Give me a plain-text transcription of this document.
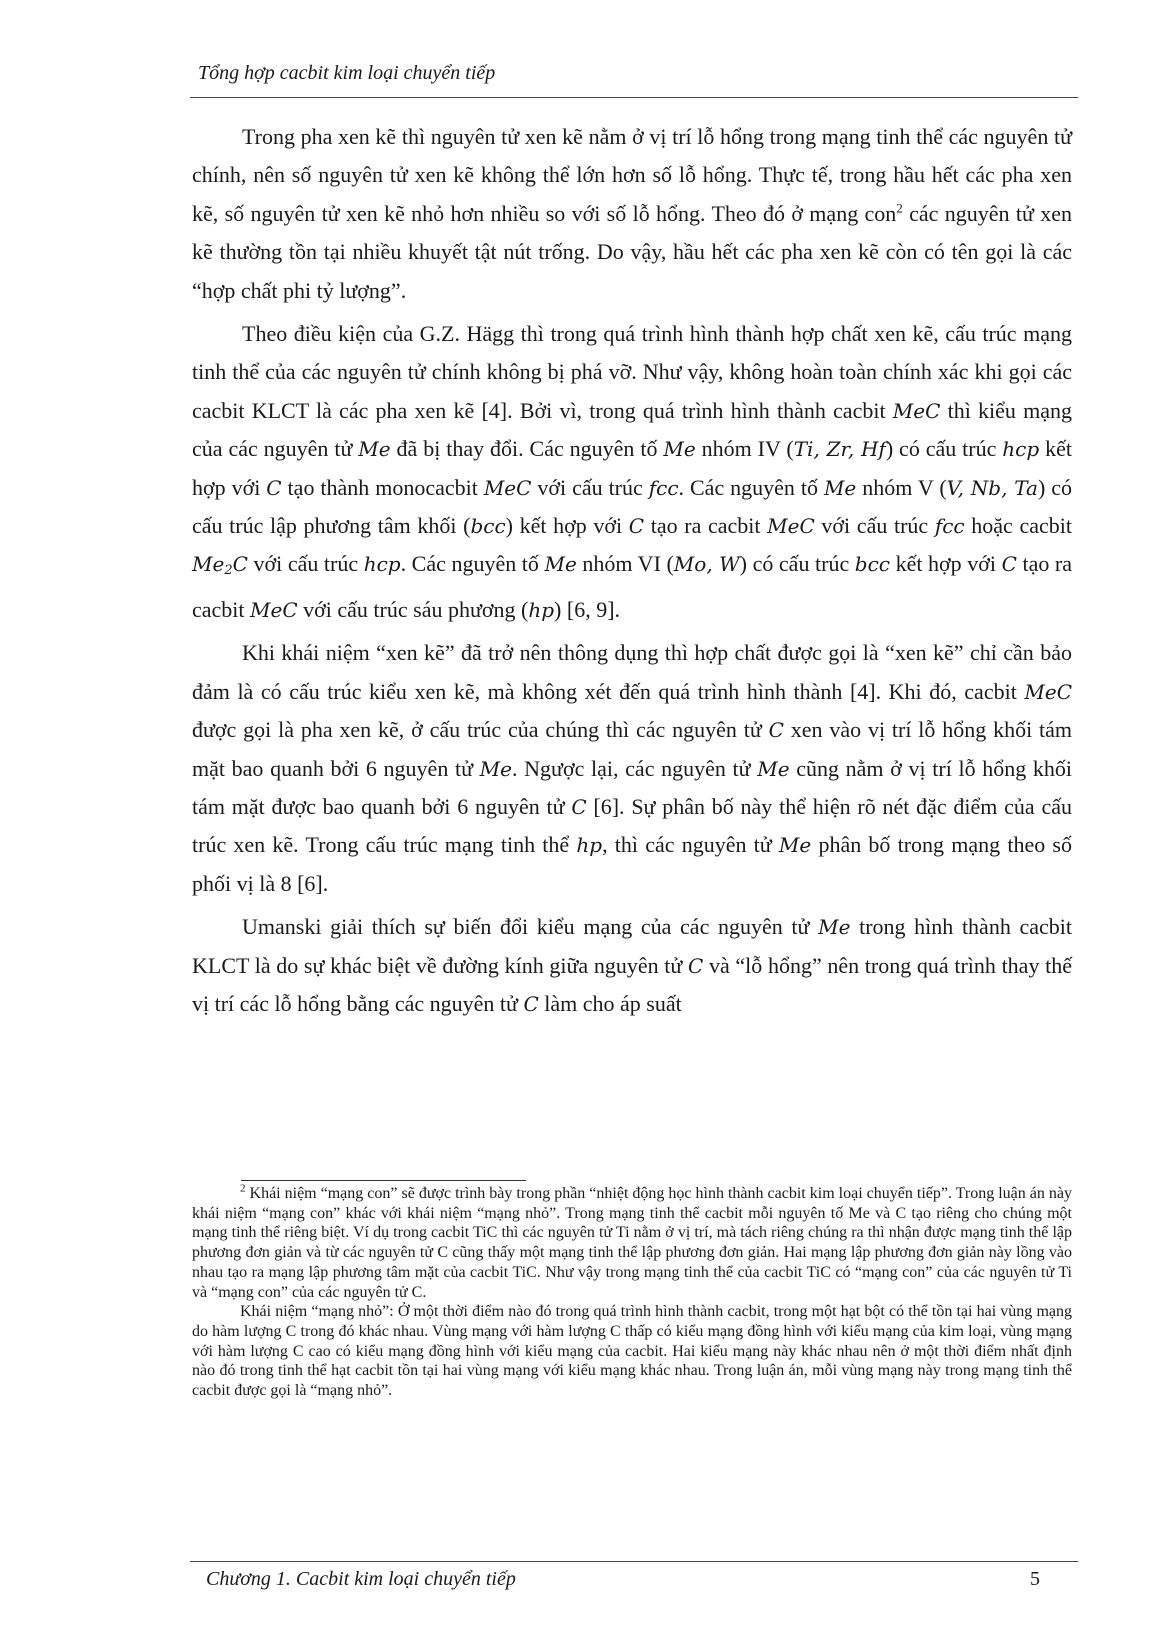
Tổng hợp cacbit kim loại chuyển tiếp

Trong pha xen kẽ thì nguyên tử xen kẽ nằm ở vị trí lỗ hổng trong mạng tinh thể các nguyên tử chính, nên số nguyên tử xen kẽ không thể lớn hơn số lỗ hổng. Thực tế, trong hầu hết các pha xen kẽ, số nguyên tử xen kẽ nhỏ hơn nhiều so với số lỗ hổng. Theo đó ở mạng con$^2$ các nguyên tử xen kẽ thường tồn tại nhiều khuyết tật nút trống. Do vậy, hầu hết các pha xen kẽ còn có tên gọi là các “hợp chất phi tỷ lượng”.

Theo điều kiện của G.Z. Hägg thì trong quá trình hình thành hợp chất xen kẽ, cấu trúc mạng tinh thể của các nguyên tử chính không bị phá vỡ. Như vậy, không hoàn toàn chính xác khi gọi các cacbit KLCT là các pha xen kẽ [4]. Bởi vì, trong quá trình hình thành cacbit MeC thì kiểu mạng của các nguyên tử Me đã bị thay đổi. Các nguyên tố Me nhóm IV (Ti, Zr, Hf) có cấu trúc hcp kết hợp với C tạo thành monocacbit MeC với cấu trúc fcc. Các nguyên tố Me nhóm V (V, Nb, Ta) có cấu trúc lập phương tâm khối (bcc) kết hợp với C tạo ra cacbit MeC với cấu trúc fcc hoặc cacbit $Me_2C$ với cấu trúc hcp. Các nguyên tố Me nhóm VI (Mo, W) có cấu trúc bcc kết hợp với C tạo ra cacbit MeC với cấu trúc sáu phương (hp) [6, 9].

Khi khái niệm “xen kẽ” đã trở nên thông dụng thì hợp chất được gọi là “xen kẽ” chỉ cần bảo đảm là có cấu trúc kiểu xen kẽ, mà không xét đến quá trình hình thành [4]. Khi đó, cacbit MeC được gọi là pha xen kẽ, ở cấu trúc của chúng thì các nguyên tử C xen vào vị trí lỗ hổng khối tám mặt bao quanh bởi 6 nguyên tử Me. Ngược lại, các nguyên tử Me cũng nằm ở vị trí lỗ hổng khối tám mặt được bao quanh bởi 6 nguyên tử C [6]. Sự phân bố này thể hiện rõ nét đặc điểm của cấu trúc xen kẽ. Trong cấu trúc mạng tinh thể hp, thì các nguyên tử Me phân bố trong mạng theo số phối vị là 8 [6].

Umanski giải thích sự biến đổi kiểu mạng của các nguyên tử Me trong hình thành cacbit KLCT là do sự khác biệt về đường kính giữa nguyên tử C và “lỗ hổng” nên trong quá trình thay thế vị trí các lỗ hổng bằng các nguyên tử C làm cho áp suất

$^2$ Khái niệm “mạng con” sẽ được trình bày trong phần “nhiệt động học hình thành cacbit kim loại chuyển tiếp”. Trong luận án này khái niệm “mạng con” khác với khái niệm “mạng nhỏ”. Trong mạng tinh thể cacbit mỗi nguyên tố Me và C tạo riêng cho chúng một mạng tinh thể riêng biệt. Ví dụ trong cacbit TiC thì các nguyên tử Ti nằm ở vị trí, mà tách riêng chúng ra thì nhận được mạng tinh thể lập phương đơn giản và từ các nguyên tử C cũng thấy một mạng tinh thể lập phương đơn giản. Hai mạng lập phương đơn giản này lồng vào nhau tạo ra mạng lập phương tâm mặt của cacbit TiC. Như vậy trong mạng tinh thể của cacbit TiC có “mạng con” của các nguyên tử Ti và “mạng con” của các nguyên tử C.

Khái niệm “mạng nhỏ”: Ở một thời điểm nào đó trong quá trình hình thành cacbit, trong một hạt bột có thể tồn tại hai vùng mạng do hàm lượng C trong đó khác nhau. Vùng mạng với hàm lượng C thấp có kiểu mạng đồng hình với kiểu mạng của kim loại, vùng mạng với hàm lượng C cao có kiểu mạng đồng hình với kiểu mạng của cacbit. Hai kiểu mạng này khác nhau nên ở một thời điểm nhất định nào đó trong tinh thể hạt cacbit tồn tại hai vùng mạng với kiểu mạng khác nhau. Trong luận án, mỗi vùng mạng này trong mạng tinh thể cacbit được gọi là “mạng nhỏ”.

Chương 1. Cacbit kim loại chuyển tiếp	5
